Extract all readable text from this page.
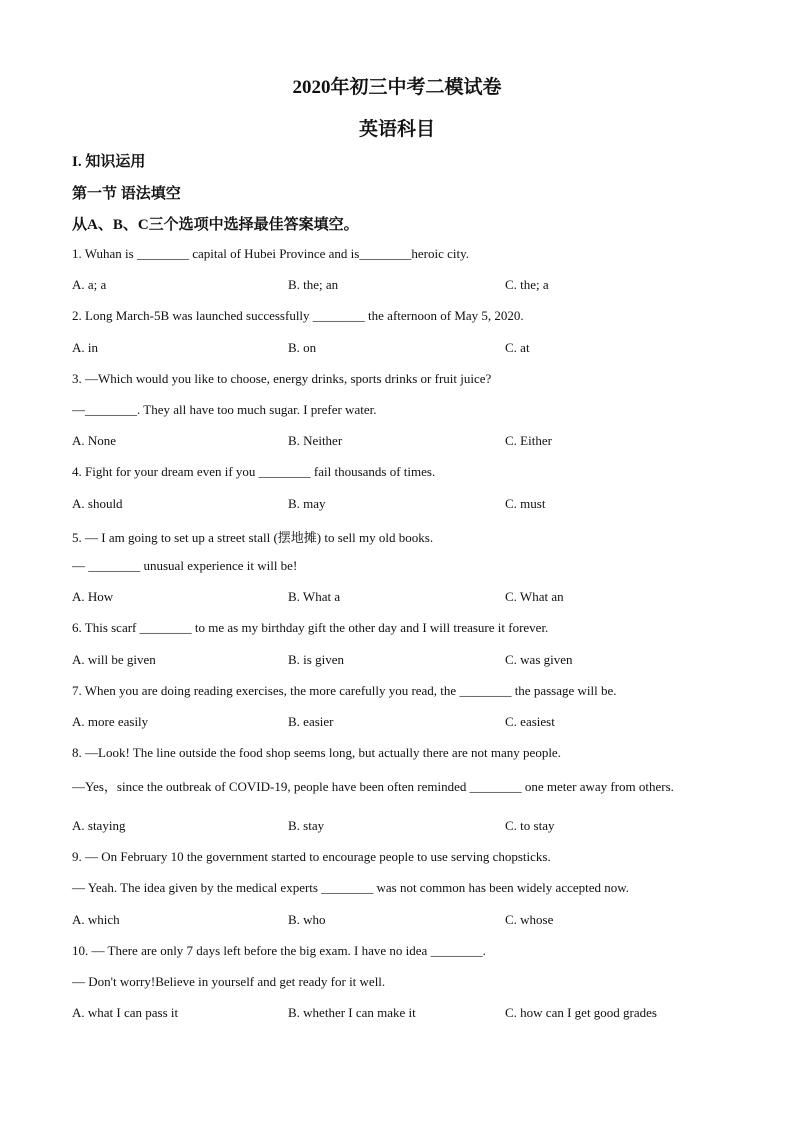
2020年初三中考二模试卷
英语科目
I. 知识运用
第一节 语法填空
从A、B、C三个选项中选择最佳答案填空。
1. Wuhan is ________ capital of Hubei Province and is________heroic city.
A. a; a	B. the; an	C. the; a
2. Long March-5B was launched successfully ________ the afternoon of May 5, 2020.
A. in	B. on	C. at
3. —Which would you like to choose, energy drinks, sports drinks or fruit juice?
—________. They all have too much sugar. I prefer water.
A. None	B. Neither	C. Either
4. Fight for your dream even if you ________ fail thousands of times.
A. should	B. may	C. must
5. — I am going to set up a street stall (摆地摊) to sell my old books.
— ________ unusual experience it will be!
A. How	B. What a	C. What an
6. This scarf ________ to me as my birthday gift the other day and I will treasure it forever.
A. will be given	B. is given	C. was given
7. When you are doing reading exercises, the more carefully you read, the ________ the passage will be.
A. more easily	B. easier	C. easiest
8. —Look! The line outside the food shop seems long, but actually there are not many people.
—Yes，since the outbreak of COVID-19, people have been often reminded ________ one meter away from others.
A. staying	B. stay	C. to stay
9. — On February 10 the government started to encourage people to use serving chopsticks.
— Yeah. The idea given by the medical experts ________ was not common has been widely accepted now.
A. which	B. who	C. whose
10. — There are only 7 days left before the big exam. I have no idea ________.
— Don't worry!Believe in yourself and get ready for it well.
A. what I can pass it	B. whether I can make it	C. how can I get good grades
